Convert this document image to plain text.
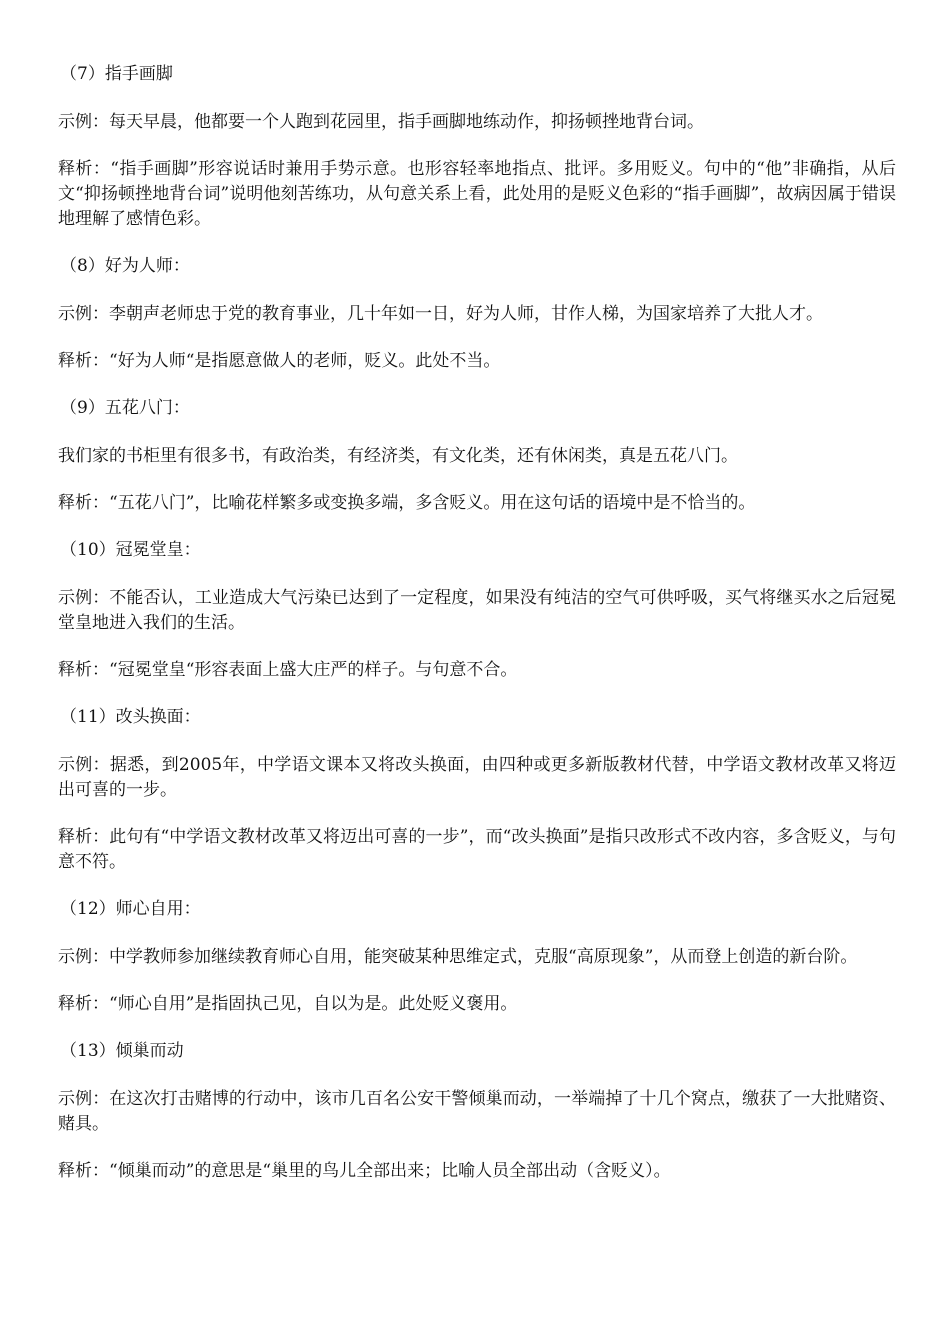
（7）指手画脚

示例：每天早晨，他都要一个人跑到花园里，指手画脚地练动作，抑扬顿挫地背台词。

释析：“指手画脚”形容说话时兼用手势示意。也形容轻率地指点、批评。多用贬义。句中的“他”非确指，从后文“抑扬顿挫地背台词”说明他刻苦练功，从句意关系上看，此处用的是贬义色彩的“指手画脚”，故病因属于错误地理解了感情色彩。

（8）好为人师：

示例：李朝声老师忠于党的教育事业，几十年如一日，好为人师，甘作人梯，为国家培养了大批人才。

释析：“好为人师“是指愿意做人的老师，贬义。此处不当。

（9）五花八门：

我们家的书柜里有很多书，有政治类，有经济类，有文化类，还有休闲类，真是五花八门。

释析：“五花八门”，比喻花样繁多或变换多端，多含贬义。用在这句话的语境中是不恰当的。

（10）冠冕堂皇：

示例：不能否认，工业造成大气污染已达到了一定程度，如果没有纯洁的空气可供呼吸，买气将继买水之后冠冕堂皇地进入我们的生活。

释析：“冠冕堂皇“形容表面上盛大庄严的样子。与句意不合。

（11）改头换面：

示例：据悉，到2005年，中学语文课本又将改头换面，由四种或更多新版教材代替，中学语文教材改革又将迈出可喜的一步。

释析：此句有“中学语文教材改革又将迈出可喜的一步”，而“改头换面”是指只改形式不改内容，多含贬义，与句意不符。

（12）师心自用：

示例：中学教师参加继续教育师心自用，能突破某种思维定式，克服“高原现象”，从而登上创造的新台阶。

释析：“师心自用”是指固执己见，自以为是。此处贬义褒用。

（13）倾巢而动

示例：在这次打击赌博的行动中，该市几百名公安干警倾巢而动，一举端掉了十几个窝点，缴获了一大批赌资、赌具。

释析：“倾巢而动”的意思是“巢里的鸟儿全部出来；比喻人员全部出动（含贬义）。
